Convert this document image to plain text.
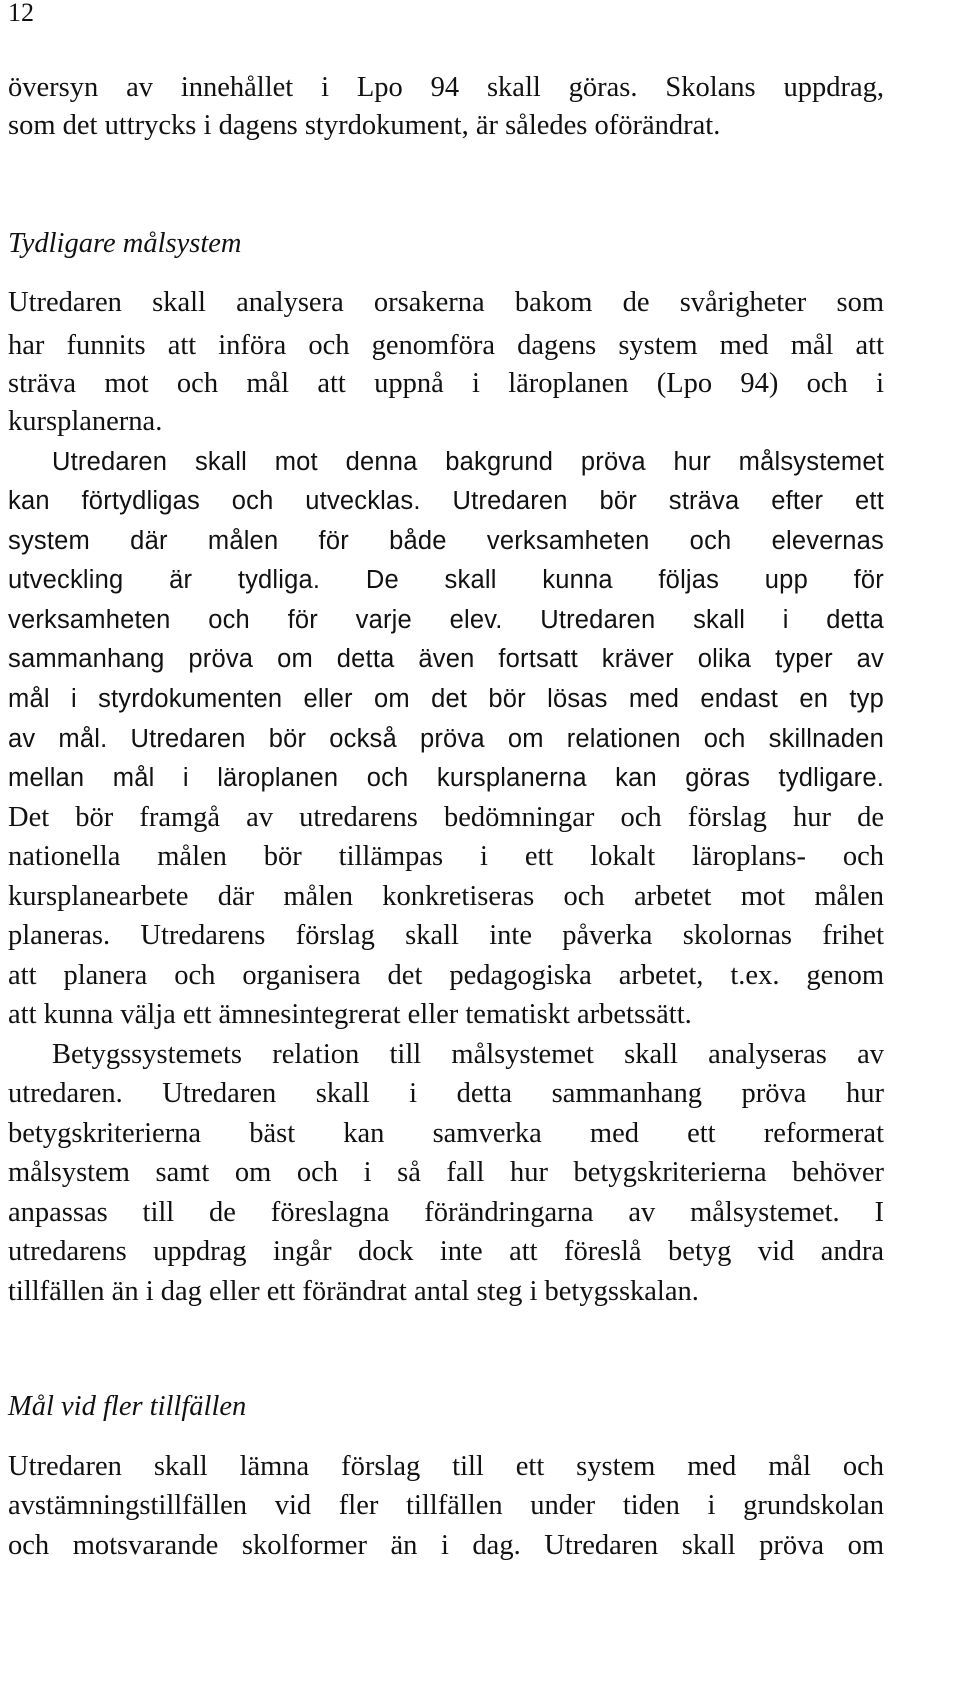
12
översyn av innehållet i Lpo 94 skall göras. Skolans uppdrag,
som det uttrycks i dagens styrdokument, är således oförändrat.
Tydligare målsystem
Utredaren skall analysera orsakerna bakom de svårigheter som
har funnits att införa och genomföra dagens system med mål att
sträva mot och mål att uppnå i läroplanen (Lpo 94) och i
kursplanerna.
Utredaren skall mot denna bakgrund pröva hur målsystemet
kan förtydligas och utvecklas. Utredaren bör sträva efter ett
system där målen för både verksamheten och elevernas
utveckling är tydliga. De skall kunna följas upp för
verksamheten och för varje elev. Utredaren skall i detta
sammanhang pröva om detta även fortsatt kräver olika typer av
mål i styrdokumenten eller om det bör lösas med endast en typ
av mål. Utredaren bör också pröva om relationen och skillnaden
mellan mål i läroplanen och kursplanerna kan göras tydligare.
Det bör framgå av utredarens bedömningar och förslag hur de
nationella målen bör tillämpas i ett lokalt läroplans- och
kursplanearbete där målen konkretiseras och arbetet mot målen
planeras. Utredarens förslag skall inte påverka skolornas frihet
att planera och organisera det pedagogiska arbetet, t.ex. genom
att kunna välja ett ämnesintegrerat eller tematiskt arbetssätt.
Betygssystemets relation till målsystemet skall analyseras av
utredaren. Utredaren skall i detta sammanhang pröva hur
betygskriterierna bäst kan samverka med ett reformerat
målsystem samt om och i så fall hur betygskriterierna behöver
anpassas till de föreslagna förändringarna av målsystemet. I
utredarens uppdrag ingår dock inte att föreslå betyg vid andra
tillfällen än i dag eller ett förändrat antal steg i betygsskalan.
Mål vid fler tillfällen
Utredaren skall lämna förslag till ett system med mål och
avstämningstillfällen vid fler tillfällen under tiden i grundskolan
och motsvarande skolformer än i dag. Utredaren skall pröva om
